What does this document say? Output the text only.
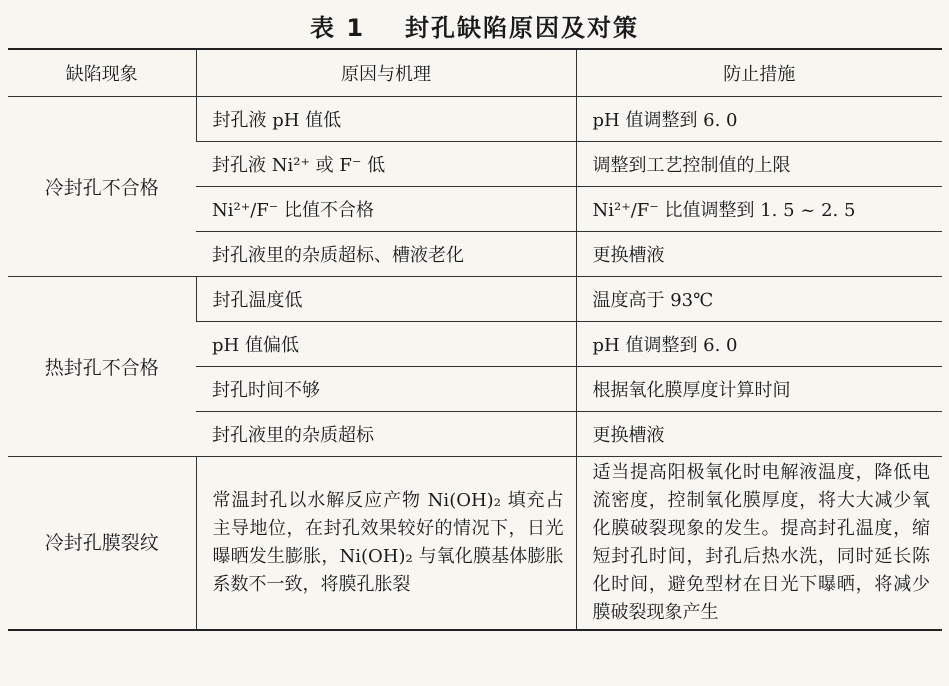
表 1 封孔缺陷原因及对策
缺陷现象	原因与机理	防止措施
冷封孔不合格	封孔液 pH 值低	pH 值调整到 6. 0
	封孔液 Ni²⁺ 或 F⁻ 低	调整到工艺控制值的上限
	Ni²⁺/F⁻ 比值不合格	Ni²⁺/F⁻ 比值调整到 1. 5 ~ 2. 5
	封孔液里的杂质超标、槽液老化	更换槽液
热封孔不合格	封孔温度低	温度高于 93℃
	pH 值偏低	pH 值调整到 6. 0
	封孔时间不够	根据氧化膜厚度计算时间
	封孔液里的杂质超标	更换槽液
冷封孔膜裂纹	常温封孔以水解反应产物 Ni(OH)₂ 填充占主导地位，在封孔效果较好的情况下，日光曝晒发生膨胀，Ni(OH)₂ 与氧化膜基体膨胀系数不一致，将膜孔胀裂	适当提高阳极氧化时电解液温度，降低电流密度，控制氧化膜厚度，将大大减少氧化膜破裂现象的发生。提高封孔温度，缩短封孔时间，封孔后热水洗，同时延长陈化时间，避免型材在日光下曝晒，将减少膜破裂现象产生
